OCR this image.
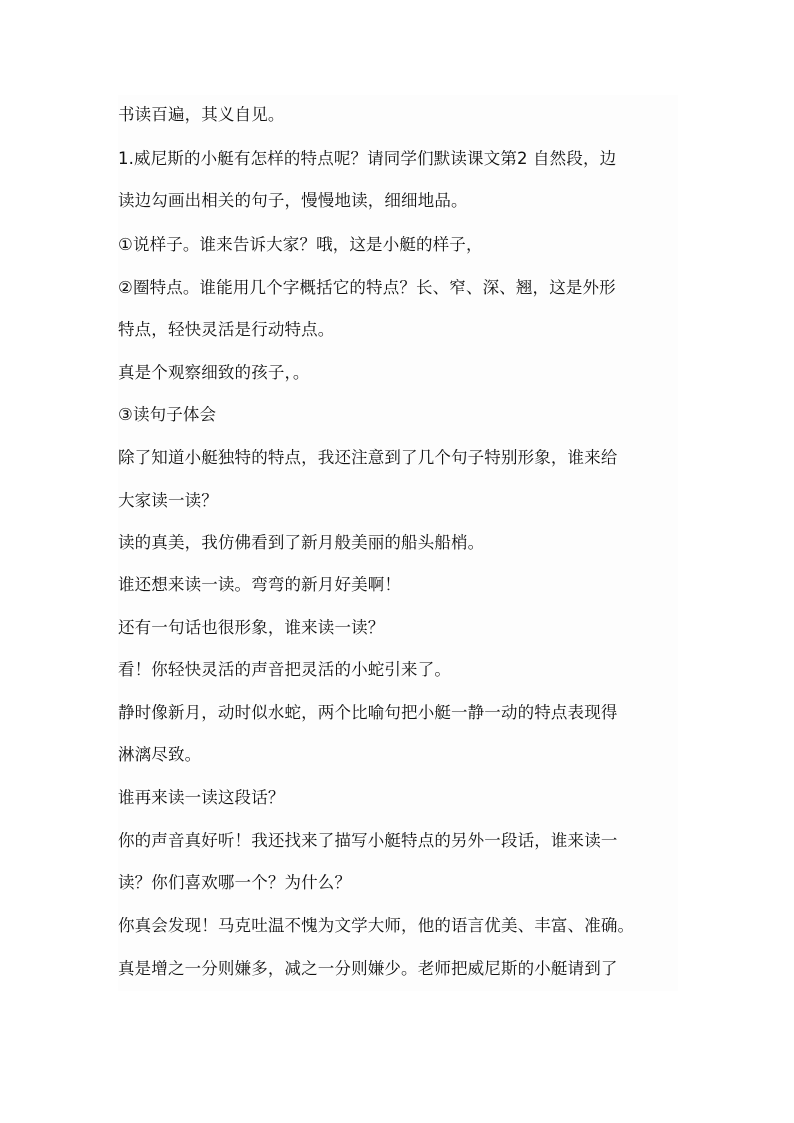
书读百遍，其义自见。
1.威尼斯的小艇有怎样的特点呢？请同学们默读课文第2 自然段，边
读边勾画出相关的句子，慢慢地读，细细地品。
①说样子。谁来告诉大家？哦，这是小艇的样子，
②圈特点。谁能用几个字概括它的特点？长、窄、深、翘，这是外形
特点，轻快灵活是行动特点。
真是个观察细致的孩子，。
③读句子体会
除了知道小艇独特的特点，我还注意到了几个句子特别形象，谁来给
大家读一读？
读的真美，我仿佛看到了新月般美丽的船头船梢。
谁还想来读一读。弯弯的新月好美啊！
还有一句话也很形象，谁来读一读？
看！你轻快灵活的声音把灵活的小蛇引来了。
静时像新月，动时似水蛇，两个比喻句把小艇一静一动的特点表现得
淋漓尽致。
谁再来读一读这段话？
你的声音真好听！我还找来了描写小艇特点的另外一段话，谁来读一
读？你们喜欢哪一个？为什么？
你真会发现！马克吐温不愧为文学大师，他的语言优美、丰富、准确。
真是增之一分则嫌多，减之一分则嫌少。老师把威尼斯的小艇请到了
